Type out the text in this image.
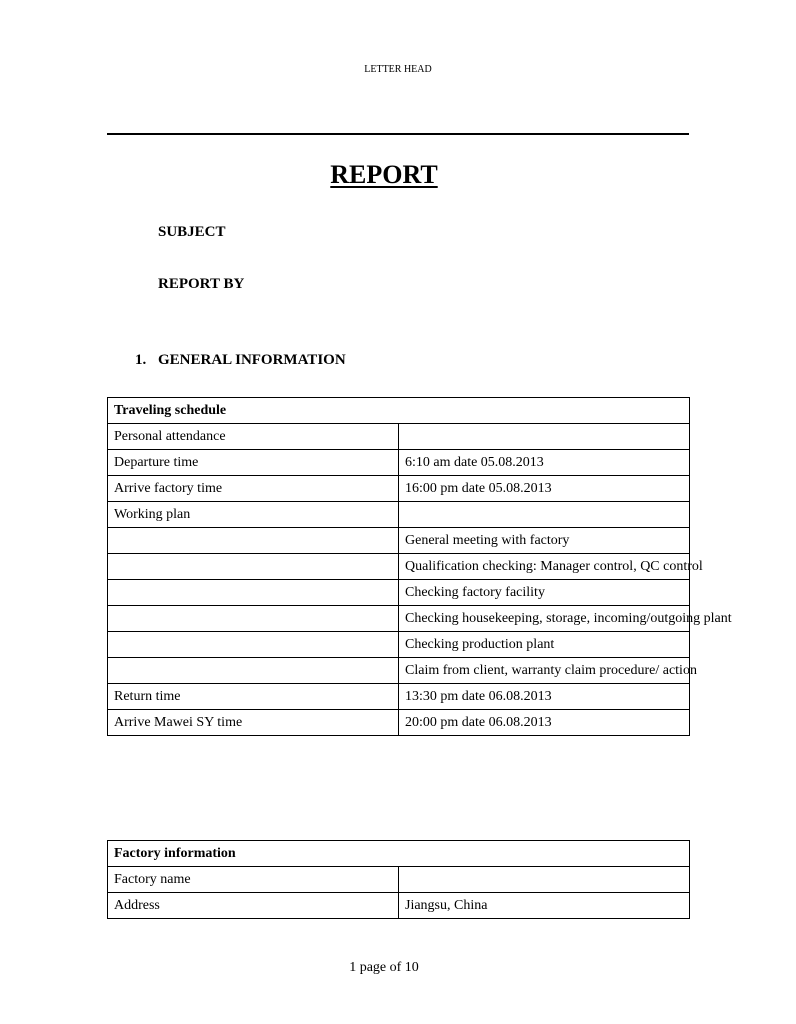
LETTER HEAD
REPORT
SUBJECT
REPORT BY
1. GENERAL INFORMATION
Traveling schedule	
Personal attendance	
Departure time	6:10 am date 05.08.2013
Arrive factory time	16:00 pm date 05.08.2013
Working plan	
	General meeting with factory
	Qualification checking: Manager control, QC control
	Checking factory facility
	Checking housekeeping, storage, incoming/outgoing plant
	Checking production plant
	Claim from client, warranty claim procedure/ action
Return time	13:30 pm date 06.08.2013
Arrive Mawei SY time	20:00 pm date 06.08.2013
Factory information	
Factory name	
Address	Jiangsu, China
1 page of 10
